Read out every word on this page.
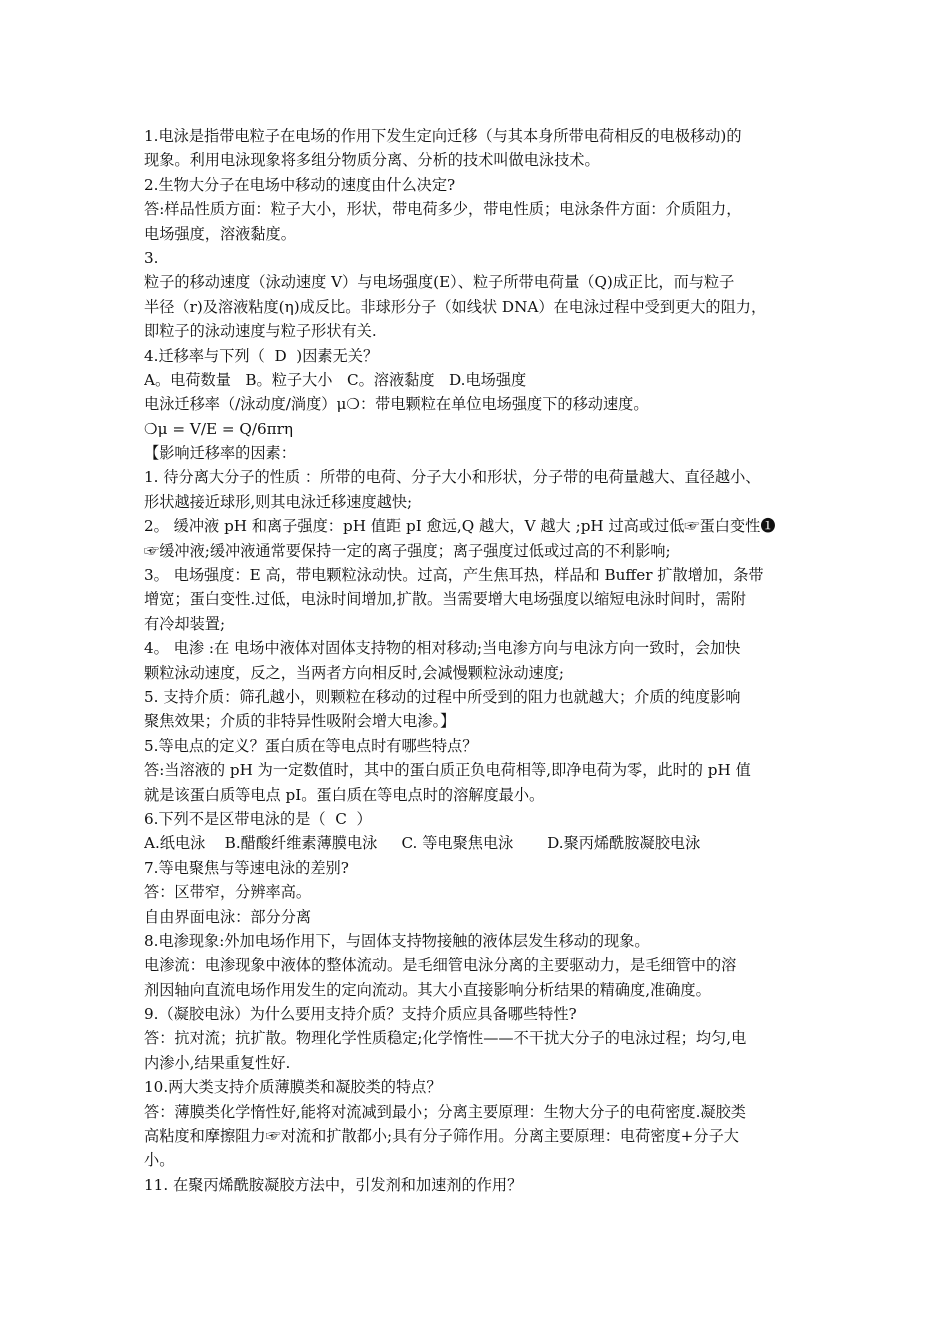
1.电泳是指带电粒子在电场的作用下发生定向迁移（与其本身所带电荷相反的电极移动)的

现象。利用电泳现象将多组分物质分离、分析的技术叫做电泳技术。

2.生物大分子在电场中移动的速度由什么决定?

答:样品性质方面：粒子大小，形状，带电荷多少，带电性质；电泳条件方面：介质阻力，

电场强度，溶液黏度。

3.

粒子的移动速度（泳动速度 V）与电场强度(E）、粒子所带电荷量（Q)成正比，而与粒子

半径（r)及溶液粘度(η)成反比。非球形分子（如线状 DNA）在电泳过程中受到更大的阻力，

即粒子的泳动速度与粒子形状有关.

4.迁移率与下列（  D  )因素无关？

A。电荷数量   B。粒子大小   C。溶液黏度   D.电场强度

电泳迁移率（/泳动度/淌度）μ❍：带电颗粒在单位电场强度下的移动速度。

❍μ = V/E = Q/6πrη

【影响迁移率的因素：

1. 待分离大分子的性质 ：所带的电荷、分子大小和形状，分子带的电荷量越大、直径越小、

形状越接近球形,则其电泳迁移速度越快;

2。 缓冲液 pH 和离子强度：pH 值距 pI 愈远,Q 越大，V 越大 ;pH 过高或过低☞蛋白变性❶

☞缓冲液;缓冲液通常要保持一定的离子强度；离子强度过低或过高的不利影响;

3。 电场强度：E 高，带电颗粒泳动快。过高，产生焦耳热，样品和 Buffer 扩散增加，条带

增宽；蛋白变性.过低，电泳时间增加,扩散。当需要增大电场强度以缩短电泳时间时，需附

有冷却装置;

4。 电渗 :在 电场中液体对固体支持物的相对移动;当电渗方向与电泳方向一致时，会加快

颗粒泳动速度，反之，当两者方向相反时,会减慢颗粒泳动速度;

5. 支持介质：筛孔越小，则颗粒在移动的过程中所受到的阻力也就越大；介质的纯度影响

聚焦效果；介质的非特异性吸附会增大电渗。】

5.等电点的定义？蛋白质在等电点时有哪些特点？

答:当溶液的 pH 为一定数值时，其中的蛋白质正负电荷相等,即净电荷为零，此时的 pH 值

就是该蛋白质等电点 pI。蛋白质在等电点时的溶解度最小。

6.下列不是区带电泳的是（  C  ）

A.纸电泳    B.醋酸纤维素薄膜电泳     C. 等电聚焦电泳       D.聚丙烯酰胺凝胶电泳

7.等电聚焦与等速电泳的差别?

答：区带窄，分辨率高。

自由界面电泳：部分分离

8.电渗现象:外加电场作用下，与固体支持物接触的液体层发生移动的现象。

电渗流：电渗现象中液体的整体流动。是毛细管电泳分离的主要驱动力，是毛细管中的溶

剂因轴向直流电场作用发生的定向流动。其大小直接影响分析结果的精确度,准确度。

9.（凝胶电泳）为什么要用支持介质？支持介质应具备哪些特性?

答：抗对流；抗扩散。物理化学性质稳定;化学惰性——不干扰大分子的电泳过程；均匀,电

内渗小,结果重复性好.

10.两大类支持介质薄膜类和凝胶类的特点？

答：薄膜类化学惰性好,能将对流减到最小；分离主要原理：生物大分子的电荷密度.凝胶类

高粘度和摩擦阻力☞对流和扩散都小;具有分子筛作用。分离主要原理：电荷密度+分子大

小。

11. 在聚丙烯酰胺凝胶方法中，引发剂和加速剂的作用？
